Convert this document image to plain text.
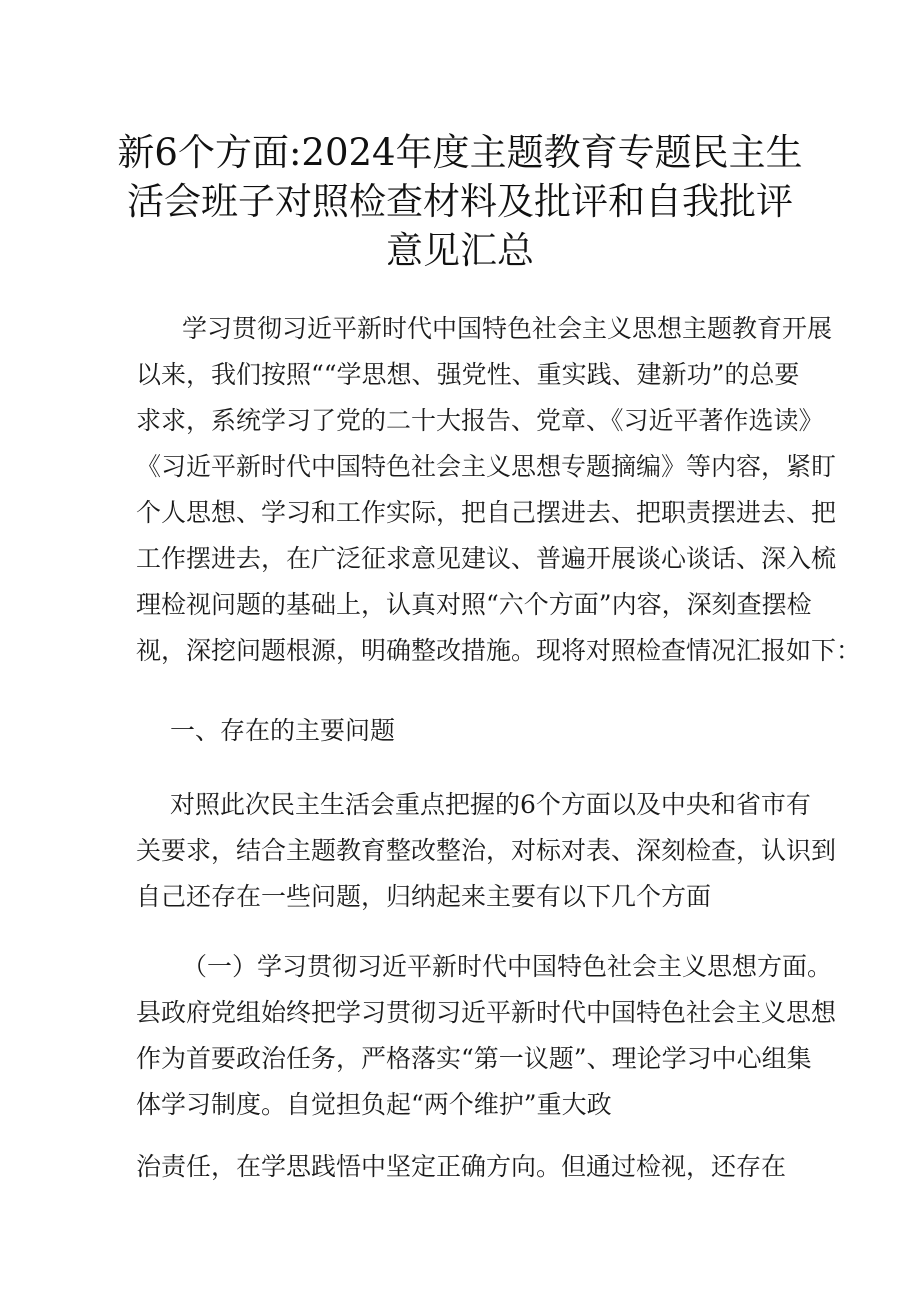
新6个方面:2024年度主题教育专题民主生
活会班子对照检查材料及批评和自我批评
意见汇总
学习贯彻习近平新时代中国特色社会主义思想主题教育开展
以来，我们按照““学思想、强党性、重实践、建新功”的总要
求求，系统学习了党的二十大报告、党章、《习近平著作选读》
《习近平新时代中国特色社会主义思想专题摘编》等内容，紧盯
个人思想、学习和工作实际，把自己摆进去、把职责摆进去、把
工作摆进去，在广泛征求意见建议、普遍开展谈心谈话、深入梳
理检视问题的基础上，认真对照“六个方面”内容，深刻查摆检
视，深挖问题根源，明确整改措施。现将对照检查情况汇报如下：
一、存在的主要问题
对照此次民主生活会重点把握的6个方面以及中央和省市有
关要求，结合主题教育整改整治，对标对表、深刻检查，认识到
自己还存在一些问题，归纳起来主要有以下几个方面
（一）学习贯彻习近平新时代中国特色社会主义思想方面。
县政府党组始终把学习贯彻习近平新时代中国特色社会主义思想
作为首要政治任务，严格落实“第一议题”、理论学习中心组集
体学习制度。自觉担负起“两个维护”重大政
治责任，在学思践悟中坚定正确方向。但通过检视，还存在
